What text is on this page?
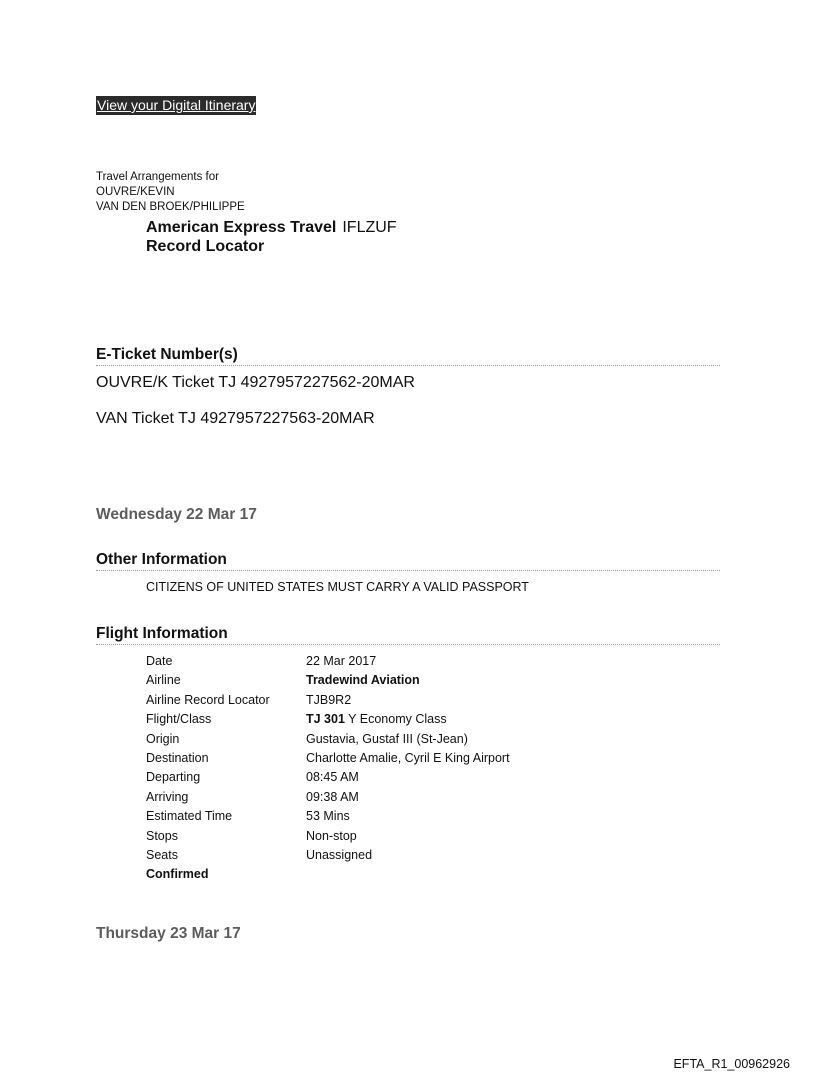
View your Digital Itinerary
Travel Arrangements for
OUVRE/KEVIN
VAN DEN BROEK/PHILIPPE
American Express Travel IFLZUF
Record Locator
E-Ticket Number(s)
OUVRE/K Ticket TJ 4927957227562-20MAR
VAN Ticket TJ 4927957227563-20MAR
Wednesday 22 Mar 17
Other Information
CITIZENS OF UNITED STATES MUST CARRY A VALID PASSPORT
Flight Information
Date	22 Mar 2017
Airline	Tradewind Aviation
Airline Record Locator	TJB9R2
Flight/Class	TJ 301 Y Economy Class
Origin	Gustavia, Gustaf III (St-Jean)
Destination	Charlotte Amalie, Cyril E King Airport
Departing	08:45 AM
Arriving	09:38 AM
Estimated Time	53 Mins
Stops	Non-stop
Seats	Unassigned
Confirmed
Thursday 23 Mar 17
EFTA_R1_00962926
